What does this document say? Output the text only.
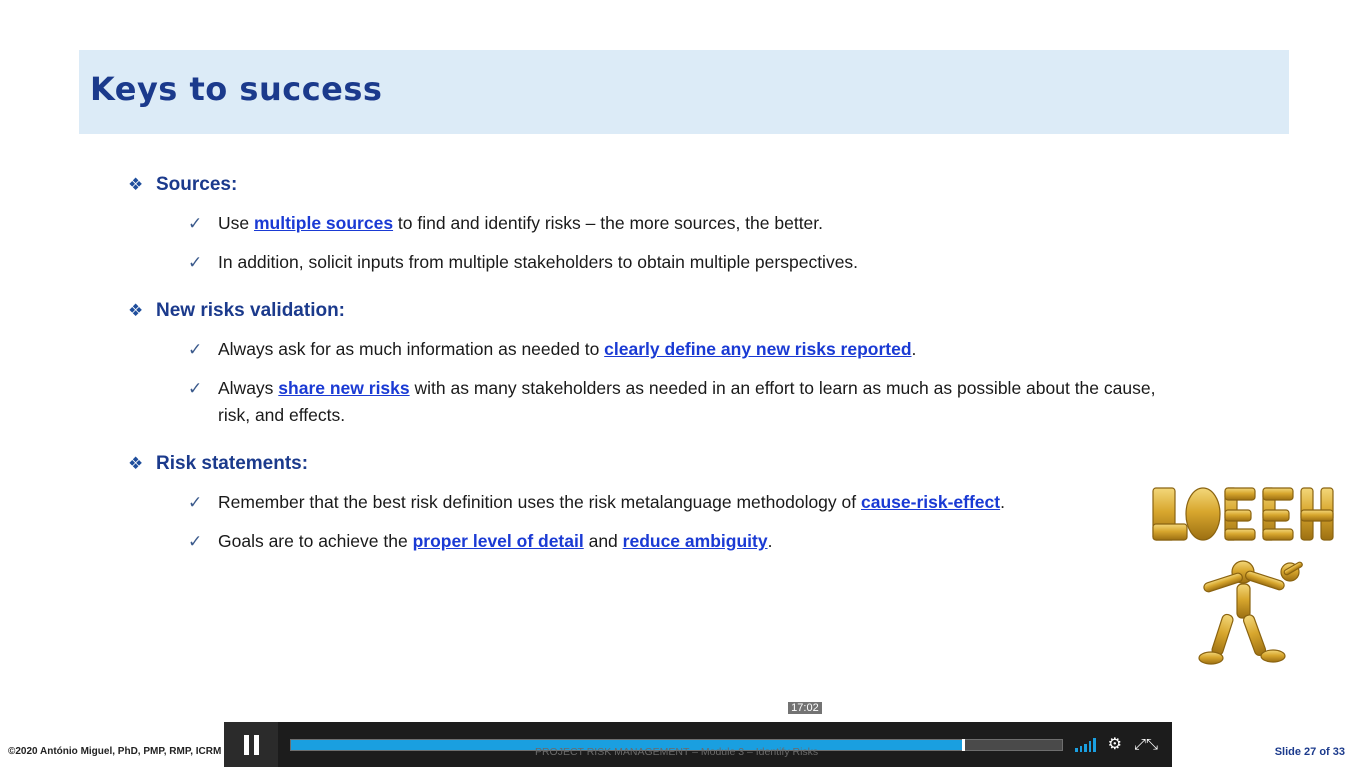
Keys to success
❖ Sources:
✓ Use multiple sources to find and identify risks – the more sources, the better.
✓ In addition, solicit inputs from multiple stakeholders to obtain multiple perspectives.
❖ New risks validation:
✓ Always ask for as much information as needed to clearly define any new risks reported.
✓ Always share new risks with as many stakeholders as needed in an effort to learn as much as possible about the cause, risk, and effects.
❖ Risk statements:
✓ Remember that the best risk definition uses the risk metalanguage methodology of cause-risk-effect.
✓ Goals are to achieve the proper level of detail and reduce ambiguity.
©2020 António Miguel, PhD, PMP, RMP, ICRM	Slide 27 of 33
17:02
PROJECT RISK MANAGEMENT – Module 3 – Identify Risks	⚙ ⤢⤡
